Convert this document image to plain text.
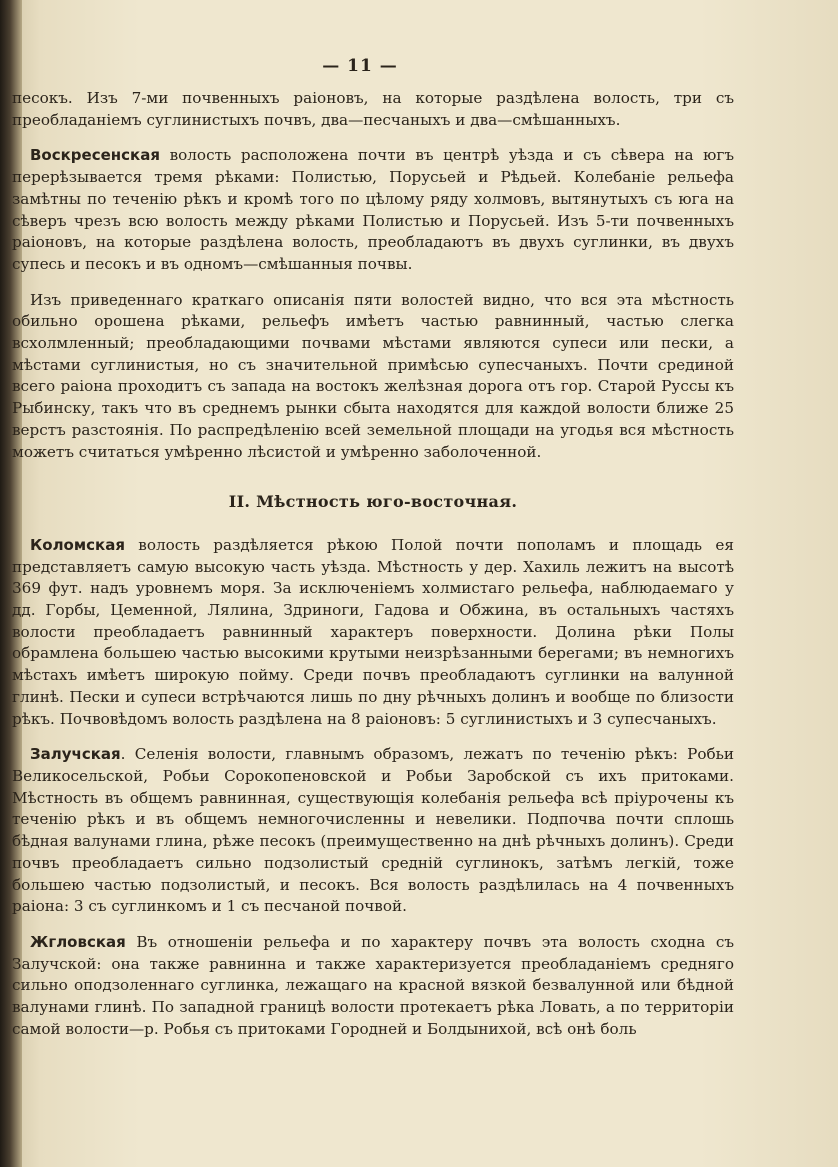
— 11 —

песокъ. Изъ 7-ми почвенныхъ раіоновъ, на которые раздѣлена волость, три съ преобладаніемъ суглинистыхъ почвъ, два—песчаныхъ и два—смѣшанныхъ.

Воскресенская волость расположена почти въ центрѣ уѣзда и съ сѣвера на югъ перерѣзывается тремя рѣками: Полистью, Порусьей и Рѣдьей. Колебаніе рельефа замѣтны по теченію рѣкъ и кромѣ того по цѣлому ряду холмовъ, вытянутыхъ съ юга на сѣверъ чрезъ всю волость между рѣками Полистью и Порусьей. Изъ 5-ти почвенныхъ раіоновъ, на которые раздѣлена волость, преобладаютъ въ двухъ суглинки, въ двухъ супесь и песокъ и въ одномъ—смѣшанныя почвы.

Изъ приведеннаго краткаго описанія пяти волостей видно, что вся эта мѣстность обильно орошена рѣками, рельефъ имѣетъ частью равнинный, частью слегка всхолмленный; преобладающими почвами мѣстами являются супеси или пески, а мѣстами суглинистыя, но съ значительной примѣсью супесчаныхъ. Почти срединой всего раіона проходитъ съ запада на востокъ желѣзная дорога отъ гор. Старой Руссы къ Рыбинску, такъ что въ среднемъ рынки сбыта находятся для каждой волости ближе 25 верстъ разстоянія. По распредѣленію всей земельной площади на угодья вся мѣстность можетъ считаться умѣренно лѣсистой и умѣренно заболоченной.

II. Мѣстность юго-восточная.

Коломская волость раздѣляется рѣкою Полой почти пополамъ и площадь ея представляетъ самую высокую часть уѣзда. Мѣстность у дер. Хахиль лежитъ на высотѣ 369 фут. надъ уровнемъ моря. За исключеніемъ холмистаго рельефа, наблюдаемаго у дд. Горбы, Цеменной, Лялина, Здриноги, Гадова и Обжина, въ остальныхъ частяхъ волости преобладаетъ равнинный характеръ поверхности. Долина рѣки Полы обрамлена большею частью высокими крутыми неизрѣзанными берегами; въ немногихъ мѣстахъ имѣетъ широкую пойму. Среди почвъ преобладаютъ суглинки на валунной глинѣ. Пески и супеси встрѣчаются лишь по дну рѣчныхъ долинъ и вообще по близости рѣкъ. Почвовѣдомъ волость раздѣлена на 8 раіоновъ: 5 суглинистыхъ и 3 супесчаныхъ.

Залучская. Селенія волости, главнымъ образомъ, лежатъ по теченію рѣкъ: Робьи Великосельской, Робьи Сорокопеновской и Робьи Заробской съ ихъ притоками. Мѣстность въ общемъ равнинная, существующія колебанія рельефа всѣ пріурочены къ теченію рѣкъ и въ общемъ немногочисленны и невелики. Подпочва почти сплошь бѣдная валунами глина, рѣже песокъ (преимущественно на днѣ рѣчныхъ долинъ). Среди почвъ преобладаетъ сильно подзолистый среднiй суглинокъ, затѣмъ легкій, тоже большею частью подзолистый, и песокъ. Вся волость раздѣлилась на 4 почвенныхъ раіона: 3 съ суглинкомъ и 1 съ песчаной почвой.

Жгловская Въ отношеніи рельефа и по характеру почвъ эта волость сходна съ Залучской: она также равнинна и также характеризуется преобладаніемъ средняго сильно оподзоленнаго суглинка, лежащаго на красной вязкой безвалунной или бѣдной валунами глинѣ. По западной границѣ волости протекаетъ рѣка Ловать, а по территоріи самой волости—р. Робья съ притоками Городней и Болдынихой, всѣ онѣ боль
